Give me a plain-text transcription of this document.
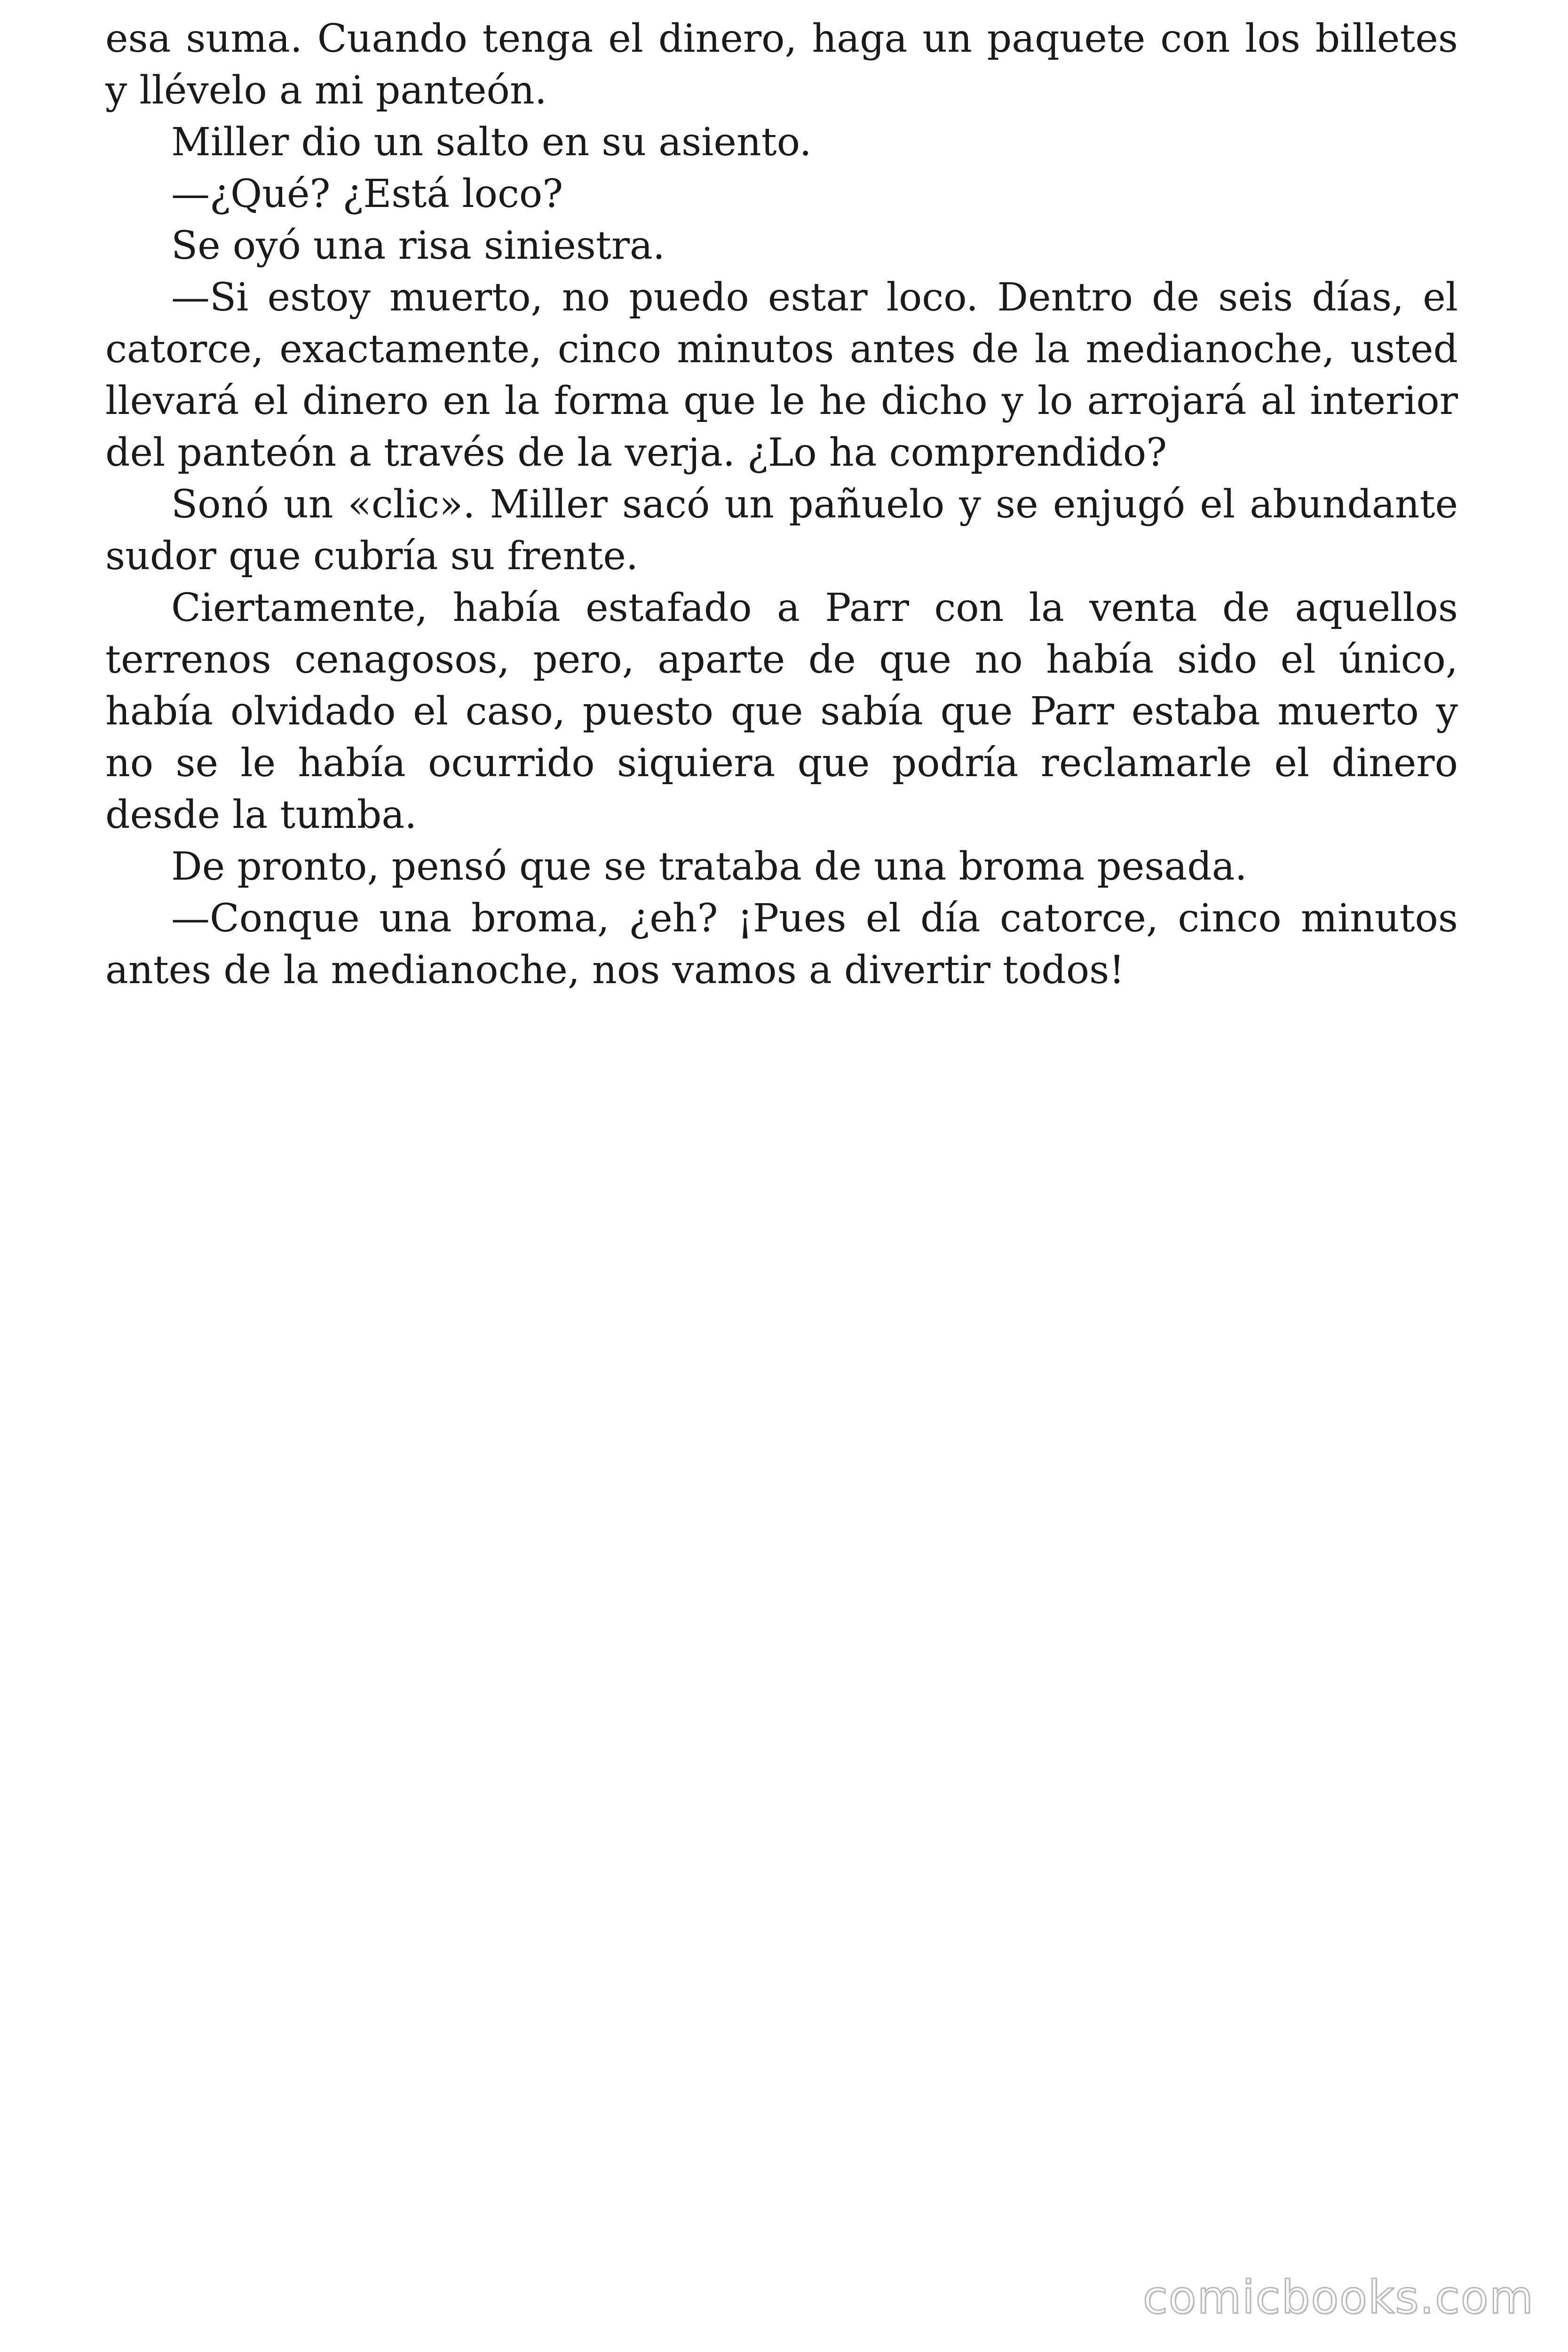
esa suma. Cuando tenga el dinero, haga un paquete con los billetes y llévelo a mi panteón.

Miller dio un salto en su asiento.

—¿Qué? ¿Está loco?

Se oyó una risa siniestra.

—Si estoy muerto, no puedo estar loco. Dentro de seis días, el catorce, exactamente, cinco minutos antes de la medianoche, usted llevará el dinero en la forma que le he dicho y lo arrojará al interior del panteón a través de la verja. ¿Lo ha comprendido?

Sonó un «clic». Miller sacó un pañuelo y se enjugó el abundante sudor que cubría su frente.

Ciertamente, había estafado a Parr con la venta de aquellos terrenos cenagosos, pero, aparte de que no había sido el único, había olvidado el caso, puesto que sabía que Parr estaba muerto y no se le había ocurrido siquiera que podría reclamarle el dinero desde la tumba.

De pronto, pensó que se trataba de una broma pesada.

—Conque una broma, ¿eh? ¡Pues el día catorce, cinco minutos antes de la medianoche, nos vamos a divertir todos!

comicbooks.com
